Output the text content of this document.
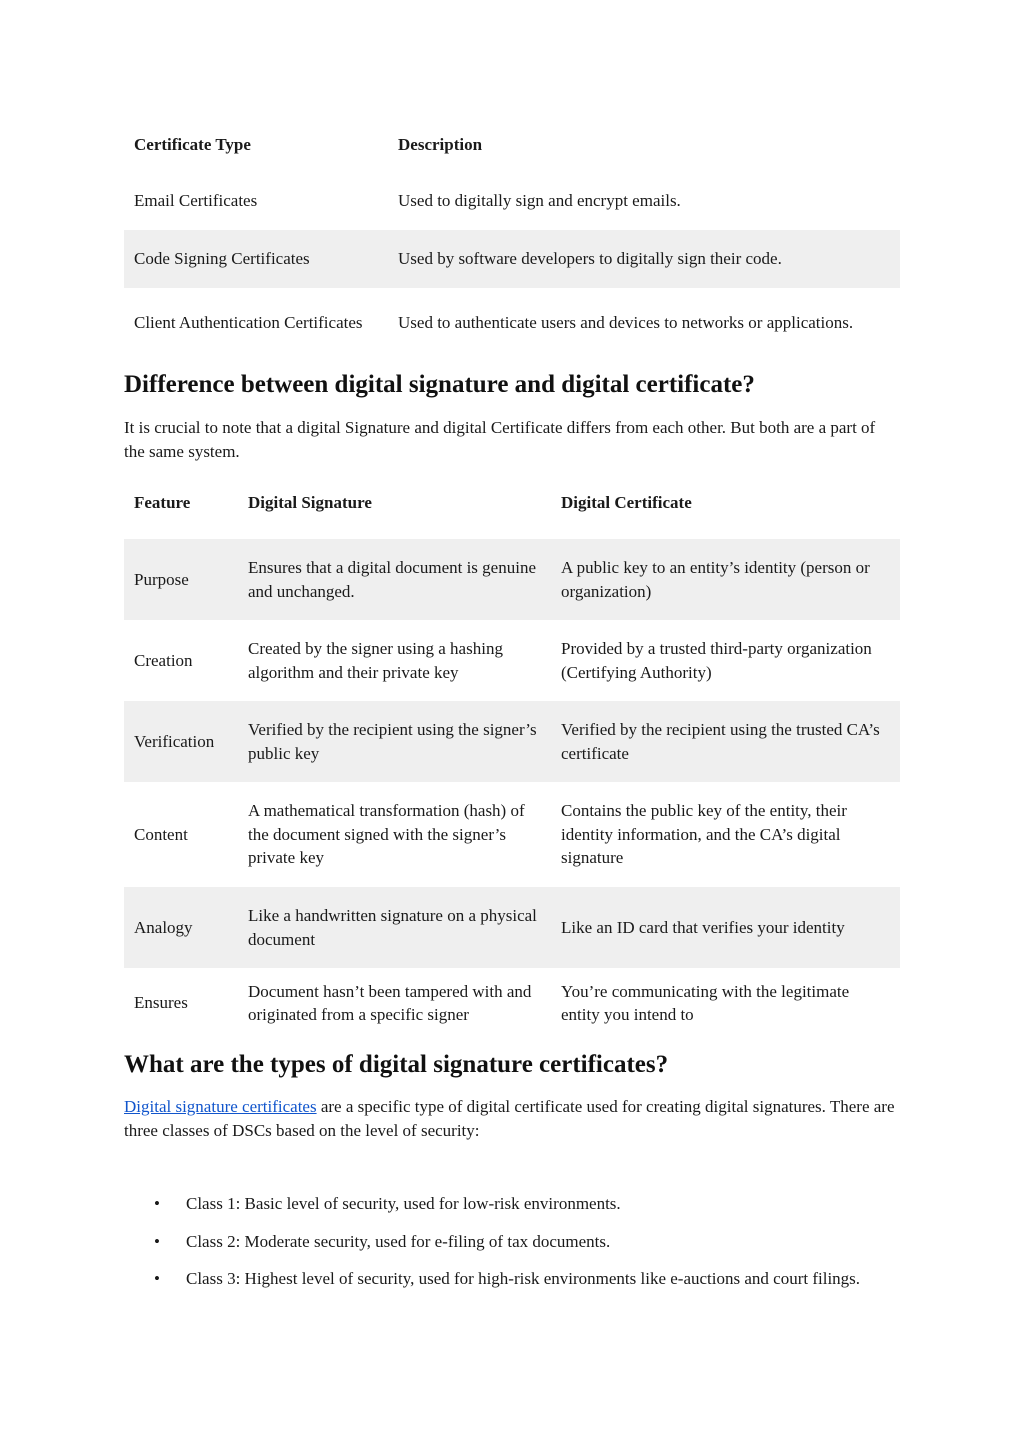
Certificate Type	Description
Email Certificates	Used to digitally sign and encrypt emails.
Code Signing Certificates	Used by software developers to digitally sign their code.
Client Authentication Certificates	Used to authenticate users and devices to networks or applications.
Difference between digital signature and digital certificate?

It is crucial to note that a digital Signature and digital Certificate differs from each other. But both are a part of the same system.

Feature	Digital Signature	Digital Certificate
Purpose	Ensures that a digital document is genuine and unchanged.	A public key to an entity’s identity (person or organization)
Creation	Created by the signer using a hashing algorithm and their private key	Provided by a trusted third-party organization (Certifying Authority)
Verification	Verified by the recipient using the signer’s public key	Verified by the recipient using the trusted CA’s certificate
Content	A mathematical transformation (hash) of the document signed with the signer’s private key	Contains the public key of the entity, their identity information, and the CA’s digital signature
Analogy	Like a handwritten signature on a physical document	Like an ID card that verifies your identity
Ensures	Document hasn’t been tampered with and originated from a specific signer	You’re communicating with the legitimate entity you intend to
What are the types of digital signature certificates?

Digital signature certificates are a specific type of digital certificate used for creating digital signatures. There are three classes of DSCs based on the level of security:

• Class 1: Basic level of security, used for low-risk environments.
• Class 2: Moderate security, used for e-filing of tax documents.
• Class 3: Highest level of security, used for high-risk environments like e-auctions and court filings.
